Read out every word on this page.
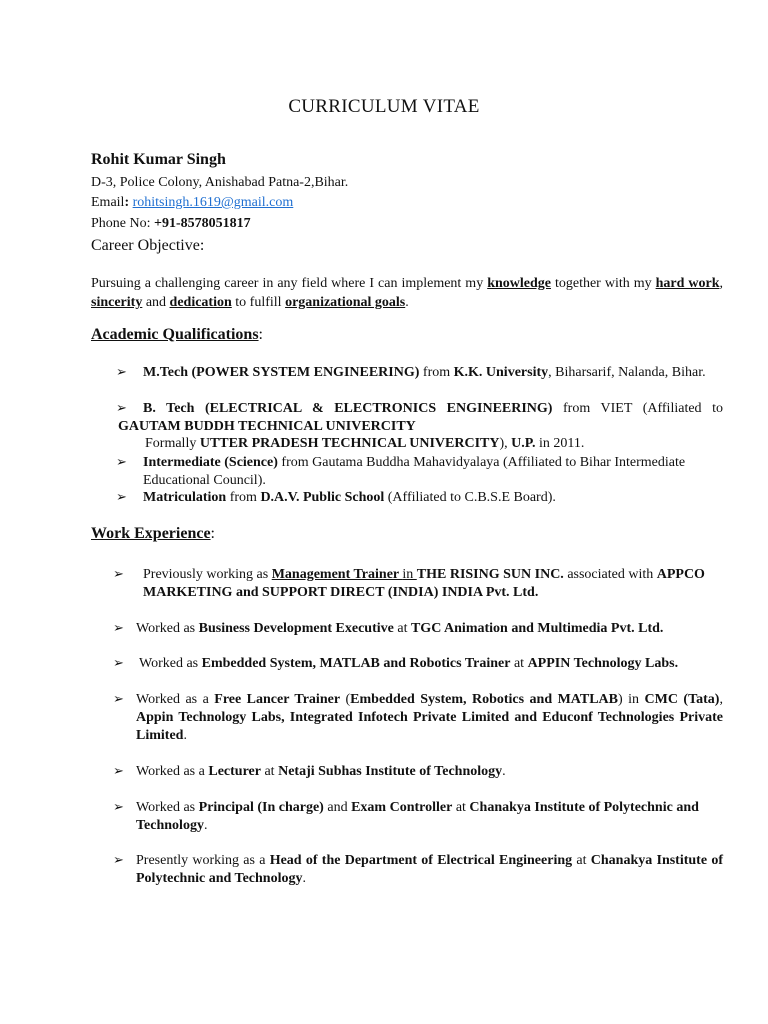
CURRICULUM VITAE
Rohit Kumar Singh
D-3, Police Colony, Anishabad Patna-2,Bihar.
Email: rohitsingh.1619@gmail.com
Phone No: +91-8578051817
Career Objective:
Pursuing a challenging career in any field where I can implement my knowledge together with my hard work, sincerity and dedication to fulfill organizational goals.
Academic Qualifications:
➢	M.Tech (POWER SYSTEM ENGINEERING) from K.K. University, Biharsarif, Nalanda, Bihar.
➢	B. Tech (ELECTRICAL & ELECTRONICS ENGINEERING) from VIET (Affiliated to GAUTAM BUDDH TECHNICAL UNIVERCITY
Formally UTTER PRADESH TECHNICAL UNIVERCITY), U.P. in 2011.
➢ Intermediate (Science) from Gautama Buddha Mahavidyalaya (Affiliated to Bihar Intermediate Educational Council).
➢ Matriculation from D.A.V. Public School (Affiliated to C.B.S.E Board).
Work Experience:
➢ Previously working as Management Trainer in THE RISING SUN INC. associated with APPCO MARKETING and SUPPORT DIRECT (INDIA) INDIA Pvt. Ltd.
➢ Worked as Business Development Executive at TGC Animation and Multimedia Pvt. Ltd.
➢ Worked as Embedded System, MATLAB and Robotics Trainer at APPIN Technology Labs.
➢ Worked as a Free Lancer Trainer (Embedded System, Robotics and MATLAB) in CMC (Tata), Appin Technology Labs, Integrated Infotech Private Limited and Educonf Technologies Private Limited.
➢ Worked as a Lecturer at Netaji Subhas Institute of Technology.
➢ Worked as Principal (In charge) and Exam Controller at Chanakya Institute of Polytechnic and Technology.
➢ Presently working as a Head of the Department of Electrical Engineering at Chanakya Institute of Polytechnic and Technology.
